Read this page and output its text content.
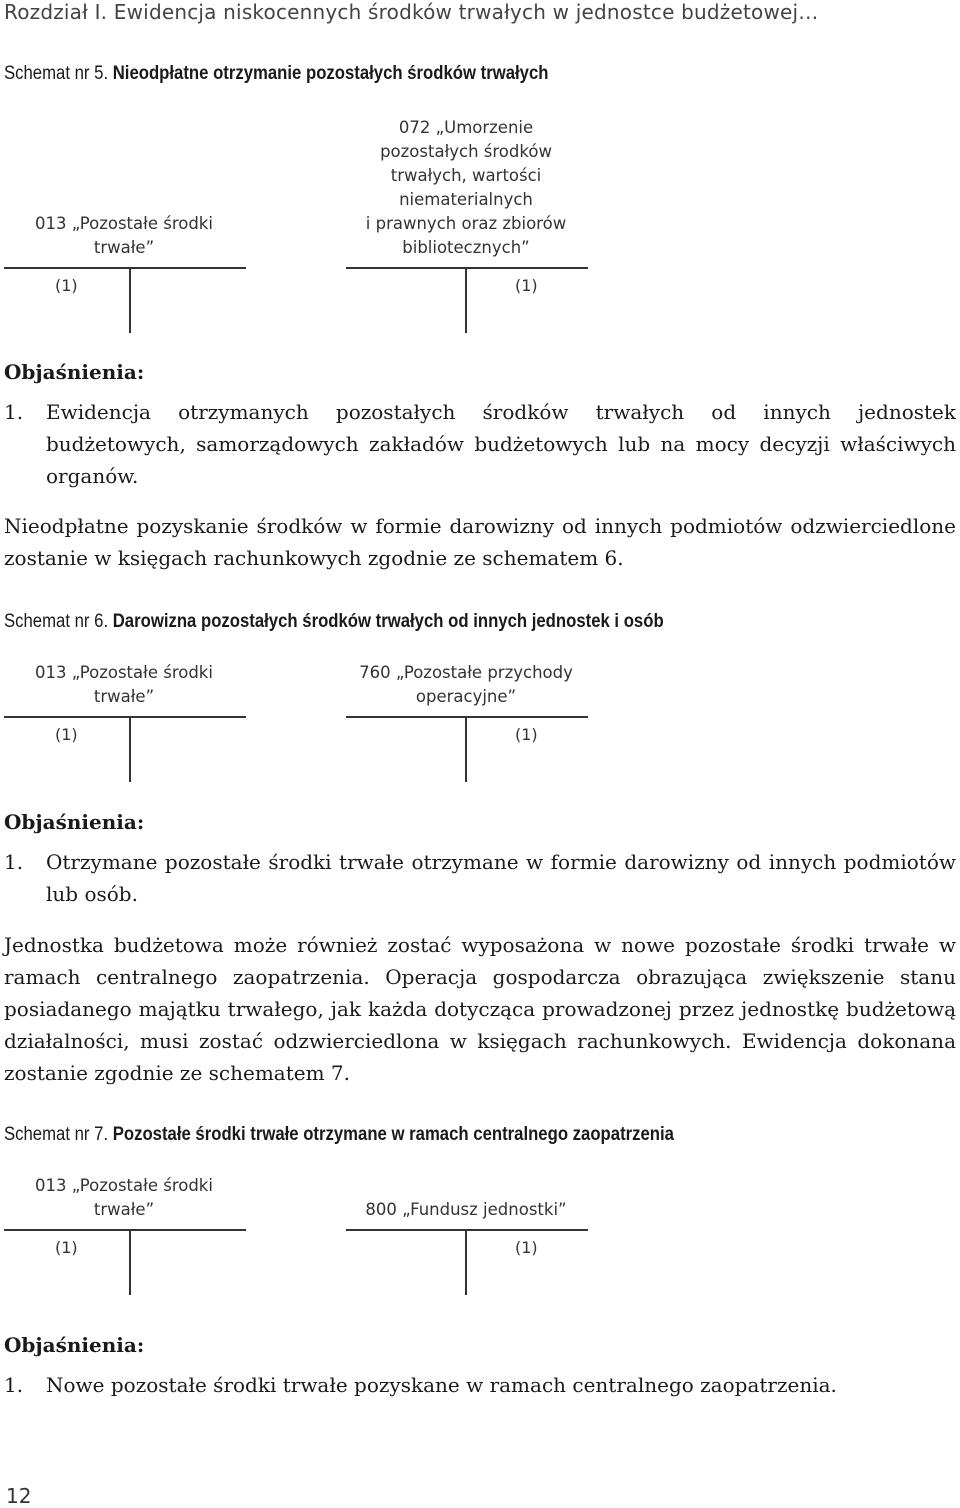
Rozdział I. Ewidencja niskocennych środków trwałych w jednostce budżetowej…
Schemat nr 5. Nieodpłatne otrzymanie pozostałych środków trwałych
013 „Pozostałe środki
trwałe”
(1)
072 „Umorzenie
pozostałych środków
trwałych, wartości
niematerialnych
i prawnych oraz zbiorów
bibliotecznych”
(1)
Objaśnienia:
1.	Ewidencja otrzymanych pozostałych środków trwałych od innych jednostek budżetowych, samorządowych zakładów budżetowych lub na mocy decyzji właściwych organów.
Nieodpłatne pozyskanie środków w formie darowizny od innych podmiotów odzwierciedlone zostanie w księgach rachunkowych zgodnie ze schematem 6.
Schemat nr 6. Darowizna pozostałych środków trwałych od innych jednostek i osób
013 „Pozostałe środki
trwałe”
(1)
760 „Pozostałe przychody
operacyjne”
(1)
Objaśnienia:
1.	Otrzymane pozostałe środki trwałe otrzymane w formie darowizny od innych podmiotów lub osób.
Jednostka budżetowa może również zostać wyposażona w nowe pozostałe środki trwałe w ramach centralnego zaopatrzenia. Operacja gospodarcza obrazująca zwiększenie stanu posiadanego majątku trwałego, jak każda dotycząca prowadzonej przez jednostkę budżetową działalności, musi zostać odzwierciedlona w księgach rachunkowych. Ewidencja dokonana zostanie zgodnie ze schematem 7.
Schemat nr 7. Pozostałe środki trwałe otrzymane w ramach centralnego zaopatrzenia
013 „Pozostałe środki
trwałe”
(1)
800 „Fundusz jednostki”
(1)
Objaśnienia:
1.	Nowe pozostałe środki trwałe pozyskane w ramach centralnego zaopatrzenia.
12
